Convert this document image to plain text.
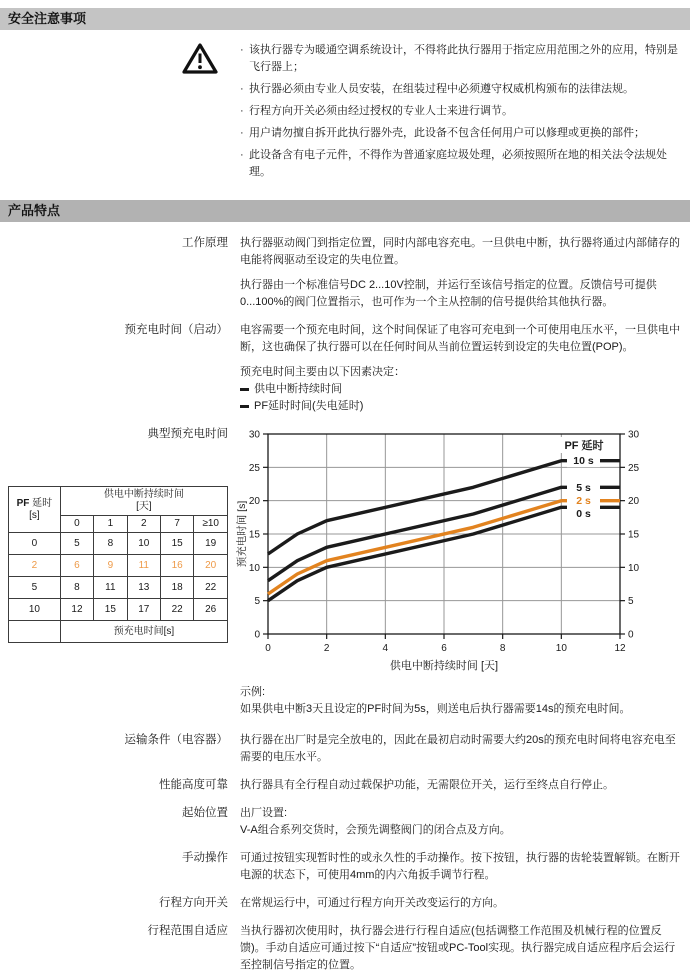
安全注意事项
· 该执行器专为暖通空调系统设计，不得将此执行器用于指定应用范围之外的应用，特别是飞行器上；
· 执行器必须由专业人员安装，在组装过程中必须遵守权威机构颁布的法律法规。
· 行程方向开关必须由经过授权的专业人士来进行调节。
· 用户请勿擅自拆开此执行器外壳，此设备不包含任何用户可以修理或更换的部件；
· 此设备含有电子元件，不得作为普通家庭垃圾处理，必须按照所在地的相关法令法规处理。
产品特点
工作原理 执行器驱动阀门到指定位置，同时内部电容充电。一旦供电中断，执行器将通过内部储存的电能将阀驱动至设定的失电位置。

执行器由一个标准信号DC 2...10V控制，并运行至该信号指定的位置。反馈信号可提供0...100%的阀门位置指示，也可作为一个主从控制的信号提供给其他执行器。

预充电时间（启动） 电容需要一个预充电时间，这个时间保证了电容可充电到一个可使用电压水平，一旦供电中断，这也确保了执行器可以在任何时间从当前位置运转到设定的失电位置(POP)。

预充电时间主要由以下因素决定：
供电中断持续时间
PF延时时间(失电延时)
典型预充电时间
PF 延时
[s]	供电中断持续时间
[天]				
	0	1	2	7	≥10
0	5	8	10	15	19
2	6	9	11	16	20
5	8	11	13	18	22
10	12	15	17	22	26
	预充电时间[s]				
PF 延时
10 s
5 s
2 s
0 s
0	0
5	5
10	10
15	15
20	20
25	25
30	30
0	2	4	6	8	10	12
供电中断持续时间 [天]
预充电时间 [s]
示例:
如果供电中断3天且设定的PF时间为5s，则送电后执行器需要14s的预充电时间。
运输条件（电容器） 执行器在出厂时是完全放电的，因此在最初启动时需要大约20s的预充电时间将电容充电至需要的电压水平。

性能高度可靠 执行器具有全行程自动过载保护功能，无需限位开关，运行至终点自行停止。

起始位置 出厂设置:

V-A组合系列交货时，会预先调整阀门的闭合点及方向。

手动操作 可通过按钮实现暂时性的或永久性的手动操作。按下按钮，执行器的齿轮装置解锁。在断开电源的状态下，可使用4mm的内六角扳手调节行程。

行程方向开关 在常规运行中，可通过行程方向开关改变运行的方向。

行程范围自适应 当执行器初次使用时，执行器会进行行程自适应(包括调整工作范围及机械行程的位置反馈)。手动自适应可通过按下“自适应”按钮或PC-Tool实现。执行器完成自适应程序后会运行至控制信号指定的位置。
